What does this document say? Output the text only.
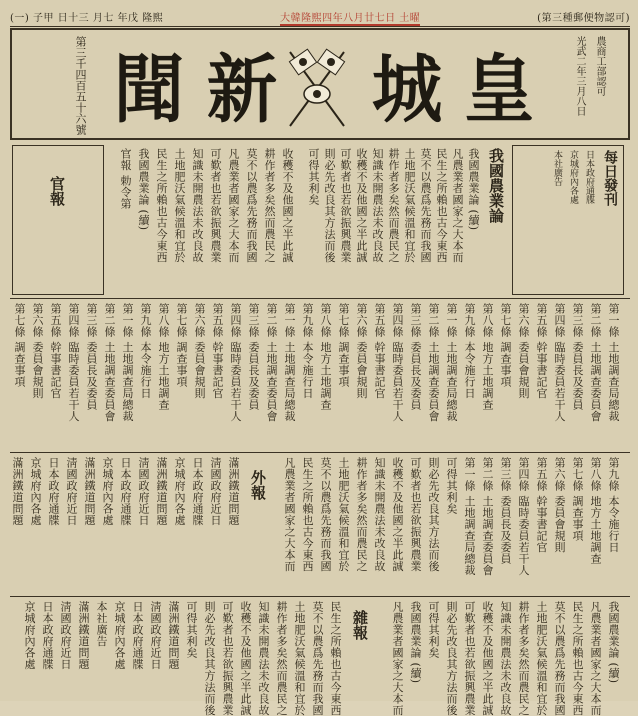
(一) 子甲 日十三 月七 年戊 隆熙	大韓隆熙四年八月廿七日 土曜	(第三種郵便物認可)
第三千四百五十六號	皇
城
新
聞	光武二年三月八日 農商工部認可
每日發刊
日本政府通牒
京城府內各處
本社廣告
我國農業論
我國農業論 (續)
凡農業者國家之大本而
民生之所賴也古今東西
莫不以農爲先務而我國
土地肥沃氣候溫和宜於
耕作者多矣然而農民之
知識未開農法未改良故
收穫不及他國之半此誠
可歎者也若欲振興農業
則必先改良其方法而後
可得其利矣
官報	官報 勅令第 我國農業論 (續) 民生之所賴也古今東西 土地肥沃氣候溫和宜於 知識未開農法未改良故 可歎者也若欲振興農業 凡農業者國家之大本而 莫不以農爲先務而我國 耕作者多矣然而農民之 收穫不及他國之半此誠
第一條 土地調查局總裁
第二條 土地調查委員會
第三條 委員長及委員
第四條 臨時委員若干人
第五條 幹事書記官
第六條 委員會規則
第七條 調查事項
第八條 地方土地調查
第九條 本令施行日
第一條 土地調查局總裁
第二條 土地調查委員會
第三條 委員長及委員
第四條 臨時委員若干人
第五條 幹事書記官
第六條 委員會規則
第七條 調查事項
第八條 地方土地調查
第九條 本令施行日
第一條 土地調查局總裁
第二條 土地調查委員會
第三條 委員長及委員
第四條 臨時委員若干人
第五條 幹事書記官
第六條 委員會規則
第七條 調查事項
第八條 地方土地調查
第九條 本令施行日
第一條 土地調查局總裁
第二條 土地調查委員會
第三條 委員長及委員
第四條 臨時委員若干人
第五條 幹事書記官
第六條 委員會規則
第七條 調查事項
外報	第九條 本令施行日
第八條 地方土地調查
第七條 調查事項
第六條 委員會規則
第五條 幹事書記官
第四條 臨時委員若干人
第三條 委員長及委員
第二條 土地調查委員會
第一條 土地調查局總裁
可得其利矣
則必先改良其方法而後
可歎者也若欲振興農業
收穫不及他國之半此誠
知識未開農法未改良故
耕作者多矣然而農民之
土地肥沃氣候溫和宜於
莫不以農爲先務而我國
民生之所賴也古今東西
凡農業者國家之大本而
滿洲鐵道問題
淸國政府近日
日本政府通牒
京城府內各處
滿洲鐵道問題
淸國政府近日
日本政府通牒
京城府內各處
滿洲鐵道問題
淸國政府近日
日本政府通牒
京城府內各處
滿洲鐵道問題
雜報	我國農業論 (續)
凡農業者國家之大本而
民生之所賴也古今東西
莫不以農爲先務而我國
土地肥沃氣候溫和宜於
耕作者多矣然而農民之
知識未開農法未改良故
收穫不及他國之半此誠
可歎者也若欲振興農業
則必先改良其方法而後
可得其利矣
我國農業論 (續)
凡農業者國家之大本而
民生之所賴也古今東西
莫不以農爲先務而我國
土地肥沃氣候溫和宜於
耕作者多矣然而農民之
知識未開農法未改良故
收穫不及他國之半此誠
可歎者也若欲振興農業
則必先改良其方法而後
可得其利矣
滿洲鐵道問題
淸國政府近日
日本政府通牒
京城府內各處
本社廣告
滿洲鐵道問題
淸國政府近日
日本政府通牒
京城府內各處
